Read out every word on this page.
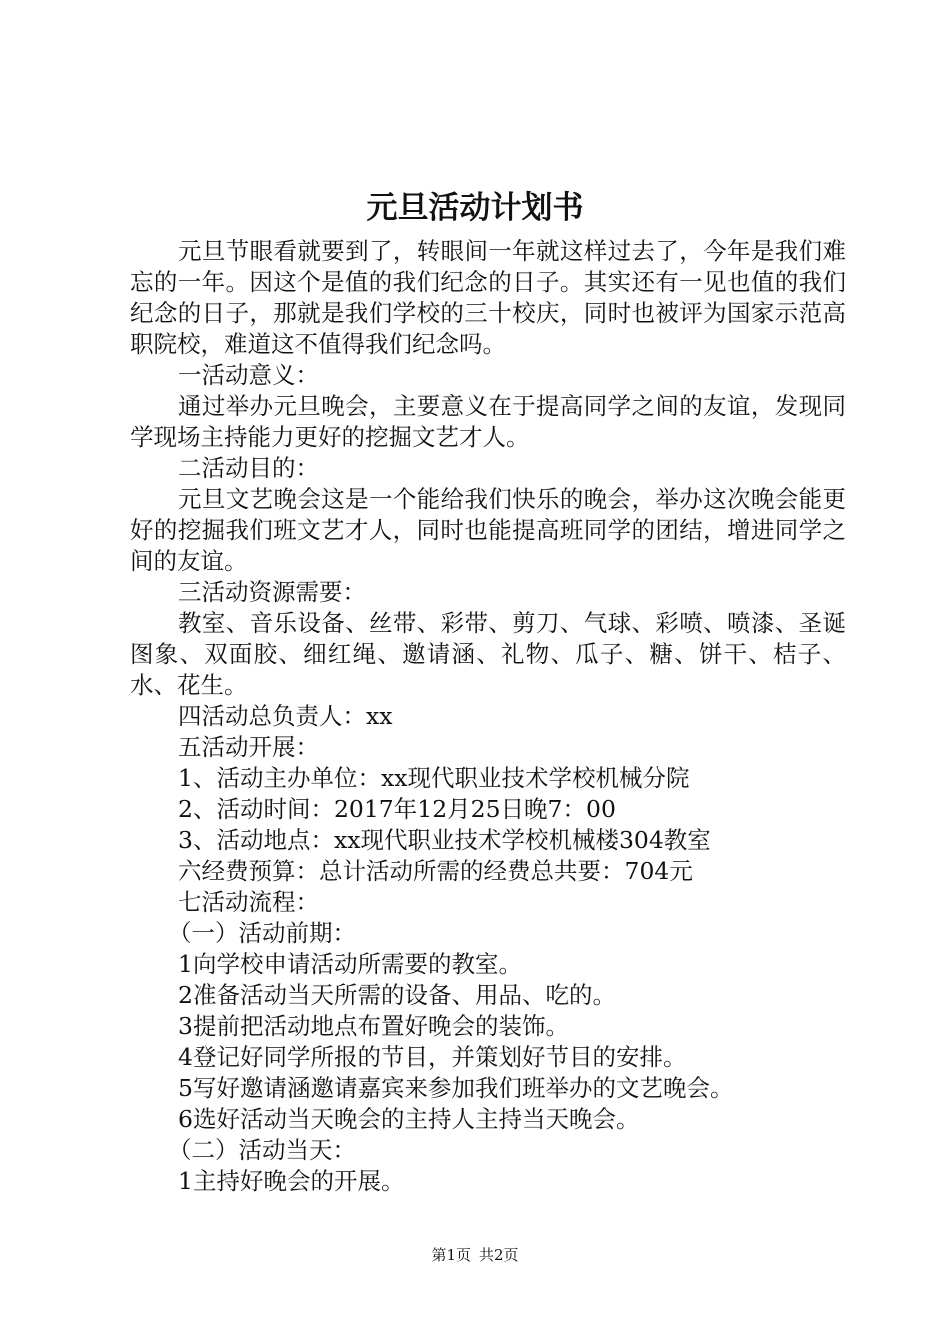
元旦活动计划书

元旦节眼看就要到了，转眼间一年就这样过去了，今年是我们难忘的一年。因这个是值的我们纪念的日子。其实还有一见也值的我们纪念的日子，那就是我们学校的三十校庆，同时也被评为国家示范高职院校，难道这不值得我们纪念吗。

一活动意义：

通过举办元旦晚会，主要意义在于提高同学之间的友谊，发现同学现场主持能力更好的挖掘文艺才人。

二活动目的：

元旦文艺晚会这是一个能给我们快乐的晚会，举办这次晚会能更好的挖掘我们班文艺才人，同时也能提高班同学的团结，增进同学之间的友谊。

三活动资源需要：

教室、音乐设备、丝带、彩带、剪刀、气球、彩喷、喷漆、圣诞图象、双面胶、细红绳、邀请涵、礼物、瓜子、糖、饼干、桔子、水、花生。

四活动总负责人：xx

五活动开展：

1、活动主办单位：xx现代职业技术学校机械分院

2、活动时间：2017年12月25日晚7：00

3、活动地点：xx现代职业技术学校机械楼304教室

六经费预算：总计活动所需的经费总共要：704元

七活动流程：

（一）活动前期：

1向学校申请活动所需要的教室。

2准备活动当天所需的设备、用品、吃的。

3提前把活动地点布置好晚会的装饰。

4登记好同学所报的节目，并策划好节目的安排。

5写好邀请涵邀请嘉宾来参加我们班举办的文艺晚会。

6选好活动当天晚会的主持人主持当天晚会。

（二）活动当天：

1主持好晚会的开展。

第1页 共2页
